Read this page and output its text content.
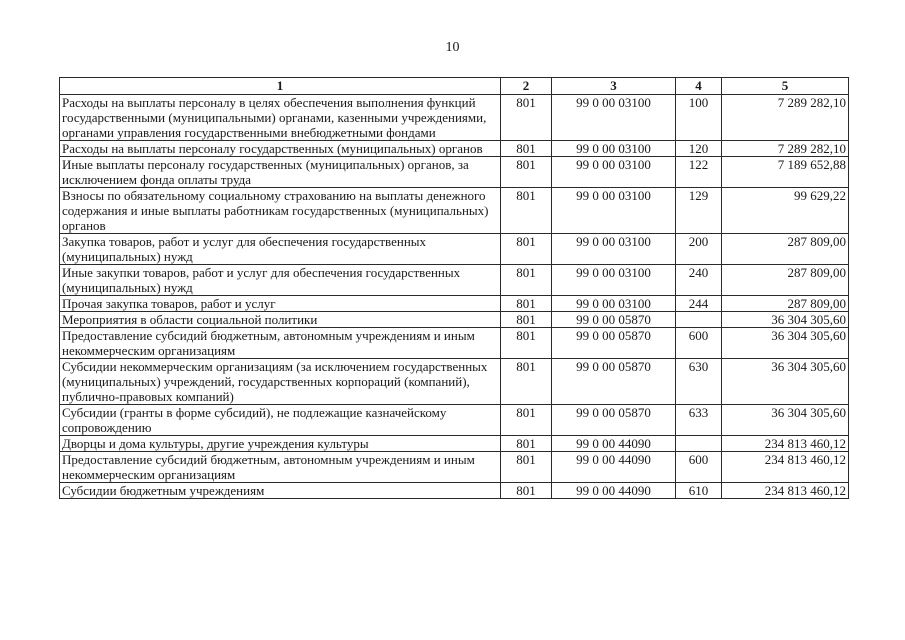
10
1	2	3	4	5
Расходы на выплаты персоналу в целях обеспечения выполнения функций государственными (муниципальными) органами, казенными учреждениями, органами управления государственными внебюджетными фондами	801	99 0 00 03100	100	7 289 282,10
Расходы на выплаты персоналу государственных (муниципальных) органов	801	99 0 00 03100	120	7 289 282,10
Иные выплаты персоналу государственных (муниципальных) органов, за исключением фонда оплаты труда	801	99 0 00 03100	122	7 189 652,88
Взносы по обязательному социальному страхованию на выплаты денежного содержания и иные выплаты работникам государственных (муниципальных) органов	801	99 0 00 03100	129	99 629,22
Закупка товаров, работ и услуг для обеспечения государственных (муниципальных) нужд	801	99 0 00 03100	200	287 809,00
Иные закупки товаров, работ и услуг для обеспечения государственных (муниципальных) нужд	801	99 0 00 03100	240	287 809,00
Прочая закупка товаров, работ и услуг	801	99 0 00 03100	244	287 809,00
Мероприятия в области социальной политики	801	99 0 00 05870		36 304 305,60
Предоставление субсидий бюджетным, автономным учреждениям и иным некоммерческим организациям	801	99 0 00 05870	600	36 304 305,60
Субсидии некоммерческим организациям (за исключением государственных (муниципальных) учреждений, государственных корпораций (компаний), публично-правовых компаний)	801	99 0 00 05870	630	36 304 305,60
Субсидии (гранты в форме субсидий), не подлежащие казначейскому сопровождению	801	99 0 00 05870	633	36 304 305,60
Дворцы и дома культуры, другие учреждения культуры	801	99 0 00 44090		234 813 460,12
Предоставление субсидий бюджетным, автономным учреждениям и иным некоммерческим организациям	801	99 0 00 44090	600	234 813 460,12
Субсидии бюджетным учреждениям	801	99 0 00 44090	610	234 813 460,12
